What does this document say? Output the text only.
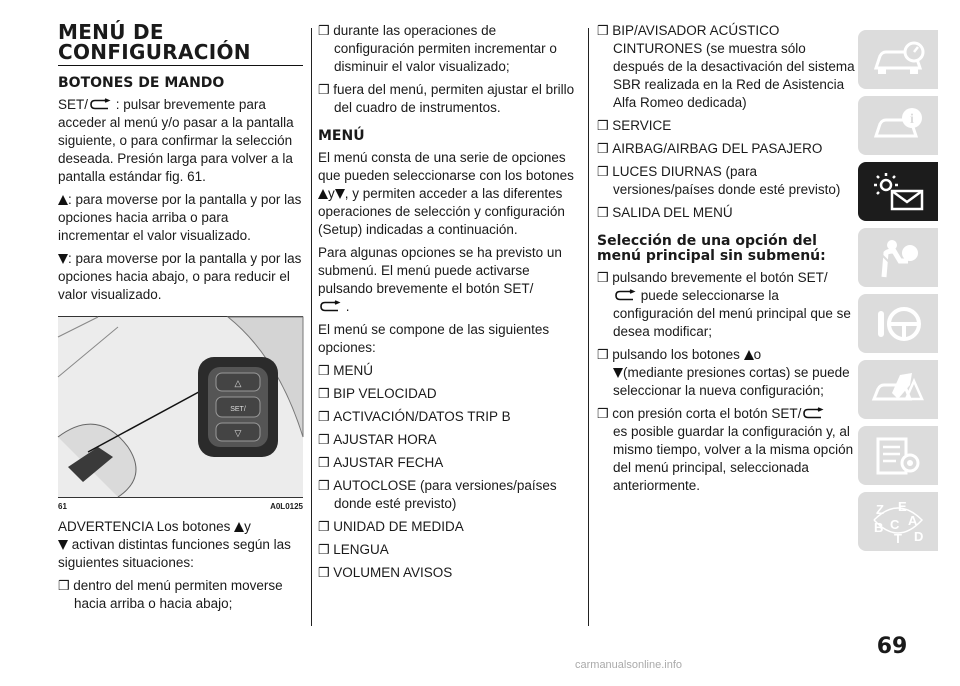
MENÚ DE
CONFIGURACIÓN
BOTONES DE MANDO

SET/ : pulsar brevemente para acceder al menú y/o pasar a la pantalla siguiente, o para confirmar la selección deseada. Presión larga para volver a la pantalla estándar fig. 61.

: para moverse por la pantalla y por las opciones hacia arriba o para incrementar el valor visualizado.

: para moverse por la pantalla y por las opciones hacia abajo, o para reducir el valor visualizado.

△
SET/
▽
61	A0L0125

ADVERTENCIA Los botones y
activan distintas funciones según las siguientes situaciones:

❒ dentro del menú permiten moverse hacia arriba o hacia abajo;
❒ durante las operaciones de configuración permiten incrementar o disminuir el valor visualizado;
❒ fuera del menú, permiten ajustar el brillo del cuadro de instrumentos.
MENÚ

El menú consta de una serie de opciones que pueden seleccionarse con los botones y , y permiten acceder a las diferentes operaciones de selección y configuración (Setup) indicadas a continuación.

Para algunas opciones se ha previsto un submenú. El menú puede activarse pulsando brevemente el botón SET/
.

El menú se compone de las siguientes opciones:

❒ MENÚ
❒ BIP VELOCIDAD
❒ ACTIVACIÓN/DATOS TRIP B
❒ AJUSTAR HORA
❒ AJUSTAR FECHA
❒ AUTOCLOSE (para versiones/países donde esté previsto)
❒ UNIDAD DE MEDIDA
❒ LENGUA
❒ VOLUMEN AVISOS
❒ BIP/AVISADOR ACÚSTICO CINTURONES (se muestra sólo después de la desactivación del sistema SBR realizada en la Red de Asistencia Alfa Romeo dedicada)
❒ SERVICE
❒ AIRBAG/AIRBAG DEL PASAJERO
❒ LUCES DIURNAS (para versiones/países donde esté previsto)
❒ SALIDA DEL MENÚ
Selección de una opción del menú principal sin submenú:
❒ pulsando brevemente el botón SET/
puede seleccionarse la configuración del menú principal que se desea modificar;
❒ pulsando los botones o
(mediante presiones cortas) se puede seleccionar la nueva configuración;
❒ con presión corta el botón SET/
es posible guardar la configuración y, al mismo tiempo, volver a la misma opción del menú principal, seleccionada anteriormente.
i
Z E
A
B C
T D
69
carmanualsonline.info
